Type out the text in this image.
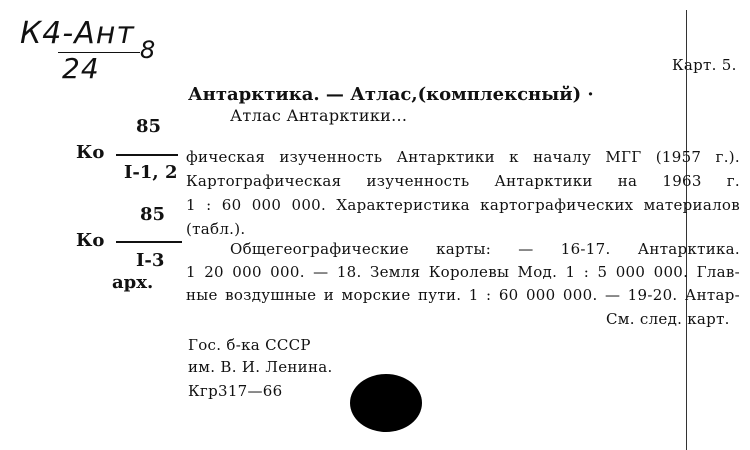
К4-Ант
24
8
Карт. 5.
85
Ко
I-1, 2
85
Ко
I-3
арх.
Антарктика. — Атлас,(комплексный) ·
Атлас Антарктики...
фическая изученность Антарктики к началу МГГ (1957 г.).
Картографическая изученность Антарктики на 1963 г.
1 : 60 000 000. Характеристика картографических материалов
(табл.).
Общегеографические карты: — 16-17. Антарктика.
1 20 000 000. — 18. Земля Королевы Мод. 1 : 5 000 000. Глав-
ные воздушные и морские пути. 1 : 60 000 000. — 19-20. Антар-
Cм. след. карт.
Гос. б-ка СССР
им. В. И. Ленина.
Кгр317—66
